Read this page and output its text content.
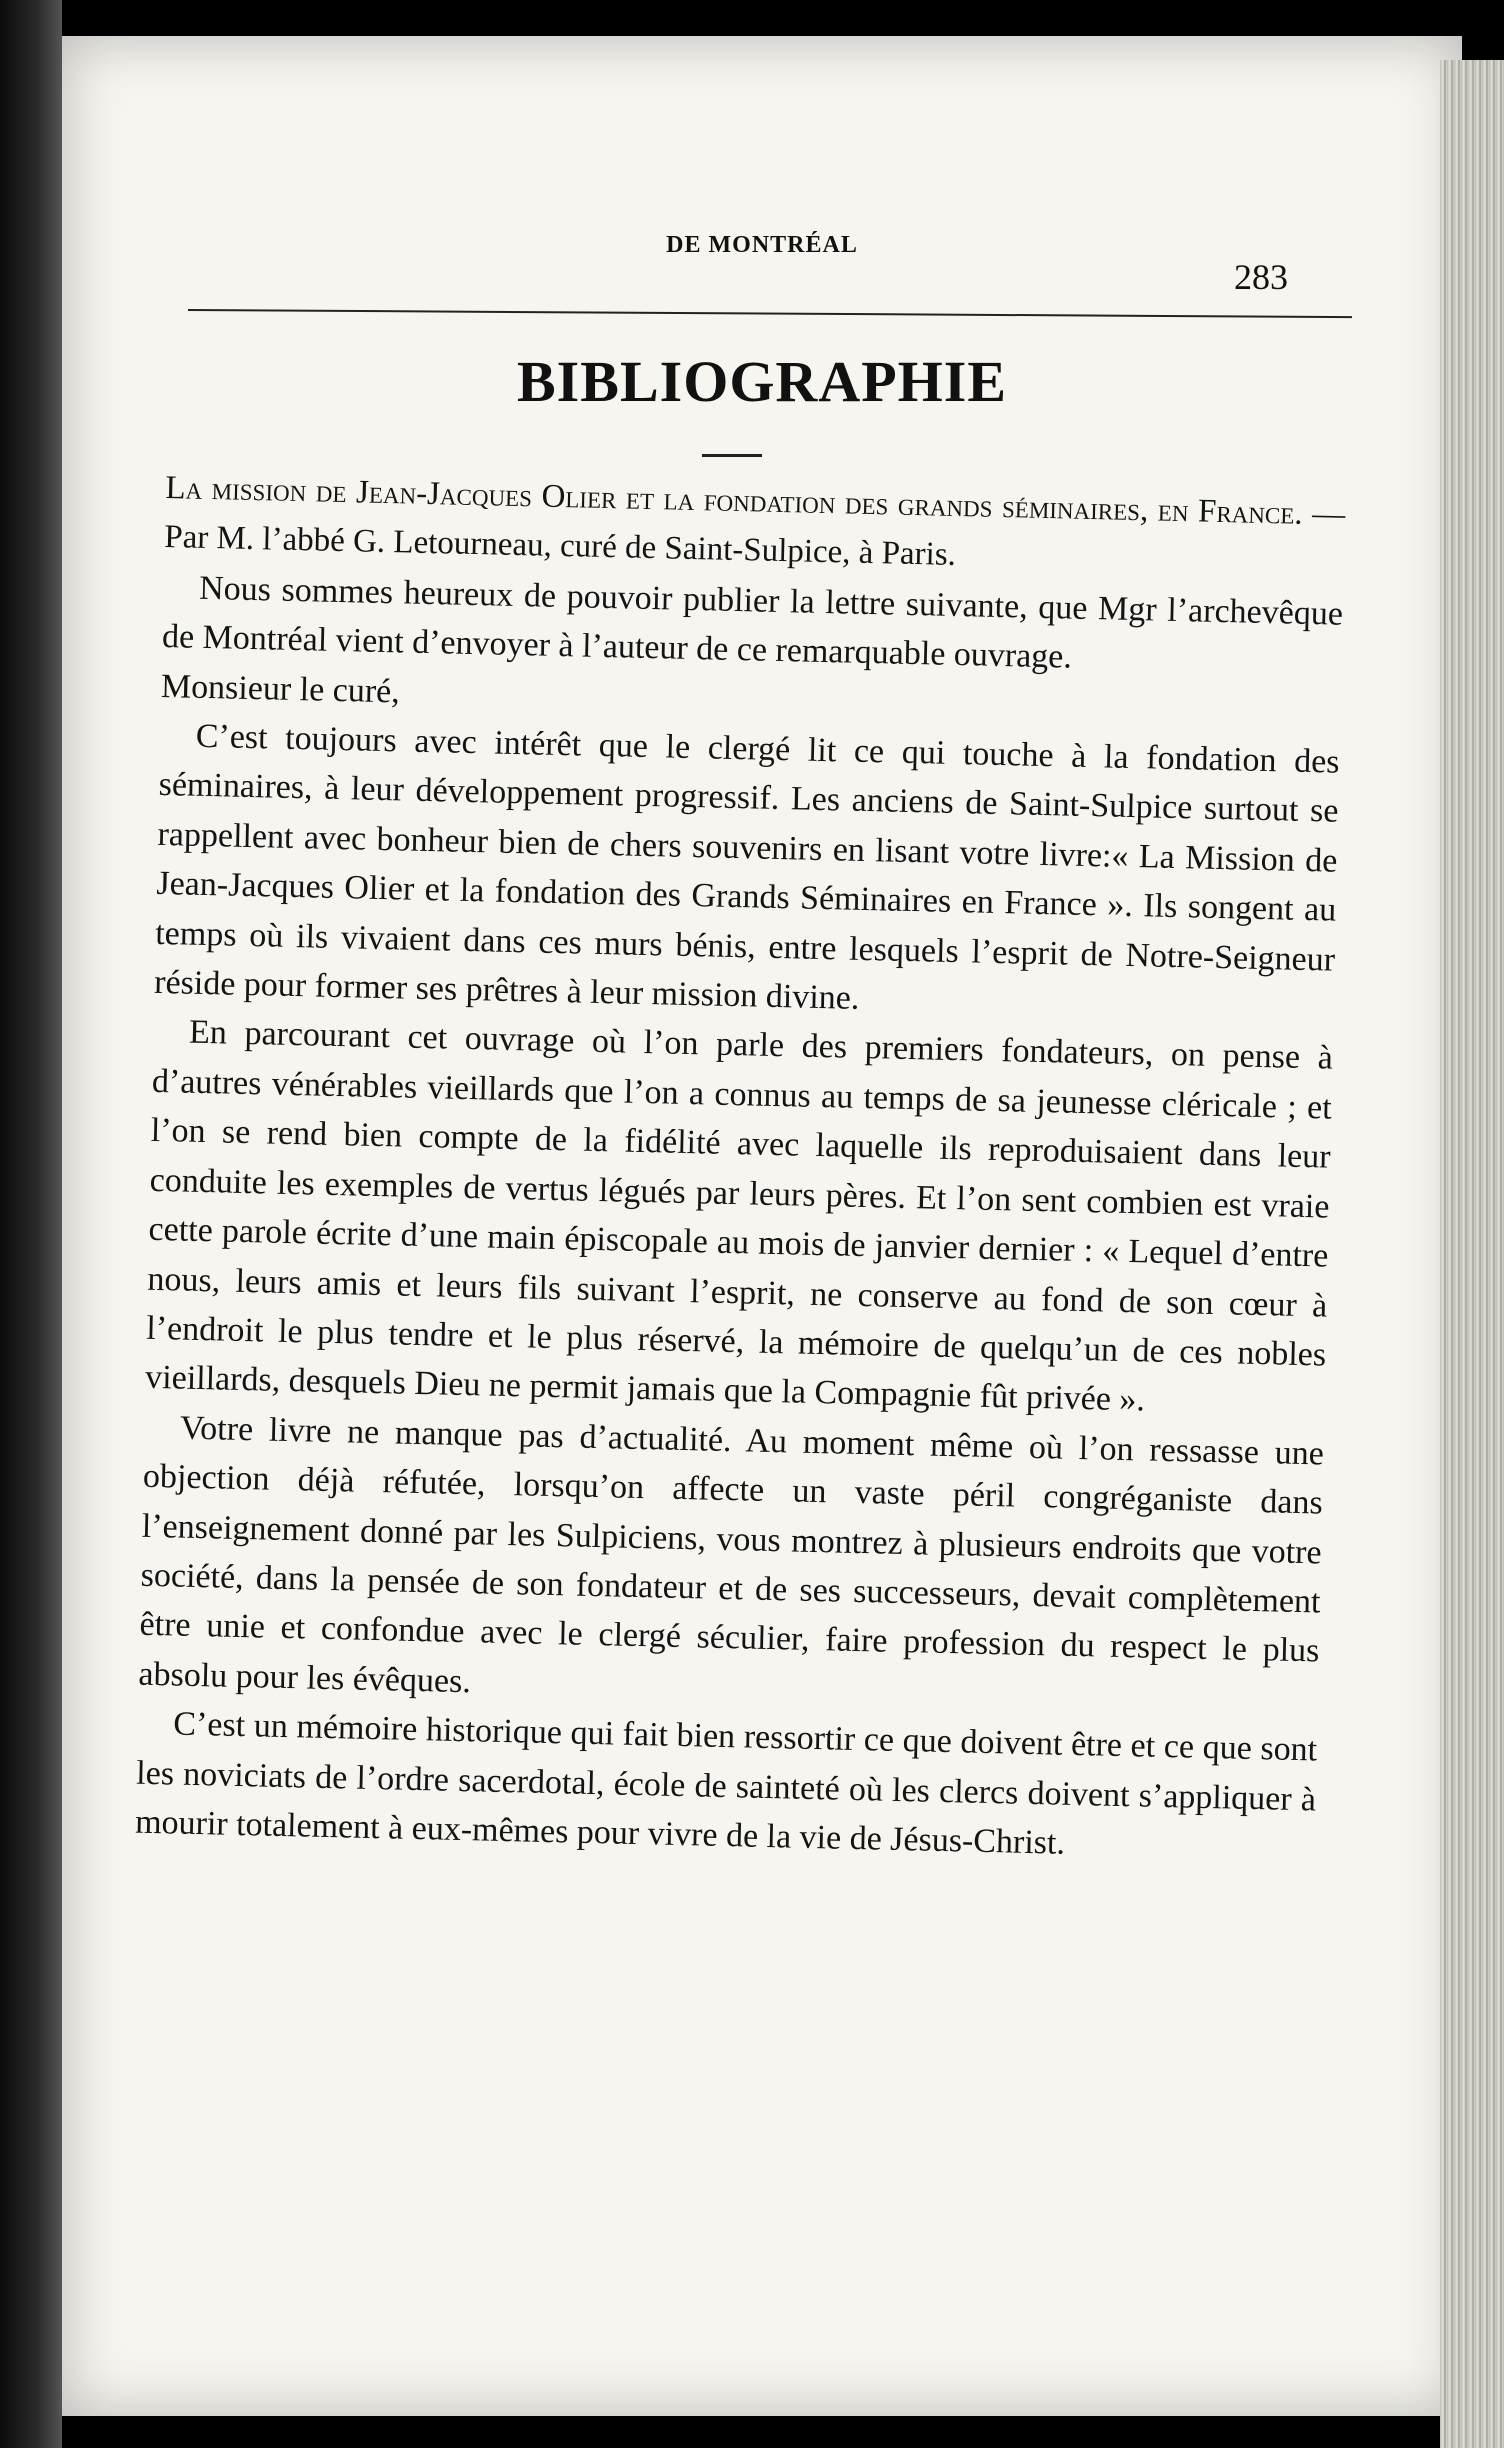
DE MONTRÉAL
283
BIBLIOGRAPHIE

La mission de Jean-Jacques Olier et la fondation des grands séminaires, en France. — Par M. l’abbé G. Letourneau, curé de Saint-Sulpice, à Paris.

Nous sommes heureux de pouvoir publier la lettre suivante, que Mgr l’archevêque de Montréal vient d’envoyer à l’auteur de ce remarquable ouvrage.

Monsieur le curé,

C’est toujours avec intérêt que le clergé lit ce qui touche à la fondation des séminaires, à leur développement progressif. Les anciens de Saint-Sulpice surtout se rappellent avec bonheur bien de chers souvenirs en lisant votre livre:« La Mission de Jean-Jacques Olier et la fondation des Grands Séminaires en France ». Ils songent au temps où ils vivaient dans ces murs bénis, entre lesquels l’esprit de Notre-Seigneur réside pour former ses prêtres à leur mission divine.

En parcourant cet ouvrage où l’on parle des premiers fondateurs, on pense à d’autres vénérables vieillards que l’on a connus au temps de sa jeunesse cléricale ; et l’on se rend bien compte de la fidélité avec laquelle ils reproduisaient dans leur conduite les exemples de vertus légués par leurs pères. Et l’on sent combien est vraie cette parole écrite d’une main épiscopale au mois de janvier dernier : « Lequel d’entre nous, leurs amis et leurs fils suivant l’esprit, ne conserve au fond de son cœur à l’endroit le plus tendre et le plus réservé, la mémoire de quelqu’un de ces nobles vieillards, desquels Dieu ne permit jamais que la Compagnie fût privée ».

Votre livre ne manque pas d’actualité. Au moment même où l’on ressasse une objection déjà réfutée, lorsqu’on affecte un vaste péril congréganiste dans l’enseignement donné par les Sulpiciens, vous montrez à plusieurs endroits que votre société, dans la pensée de son fondateur et de ses successeurs, devait complètement être unie et confondue avec le clergé séculier, faire profession du respect le plus absolu pour les évêques.

C’est un mémoire historique qui fait bien ressortir ce que doivent être et ce que sont les noviciats de l’ordre sacerdotal, école de sainteté où les clercs doivent s’appliquer à mourir totalement à eux-mêmes pour vivre de la vie de Jésus-Christ.
